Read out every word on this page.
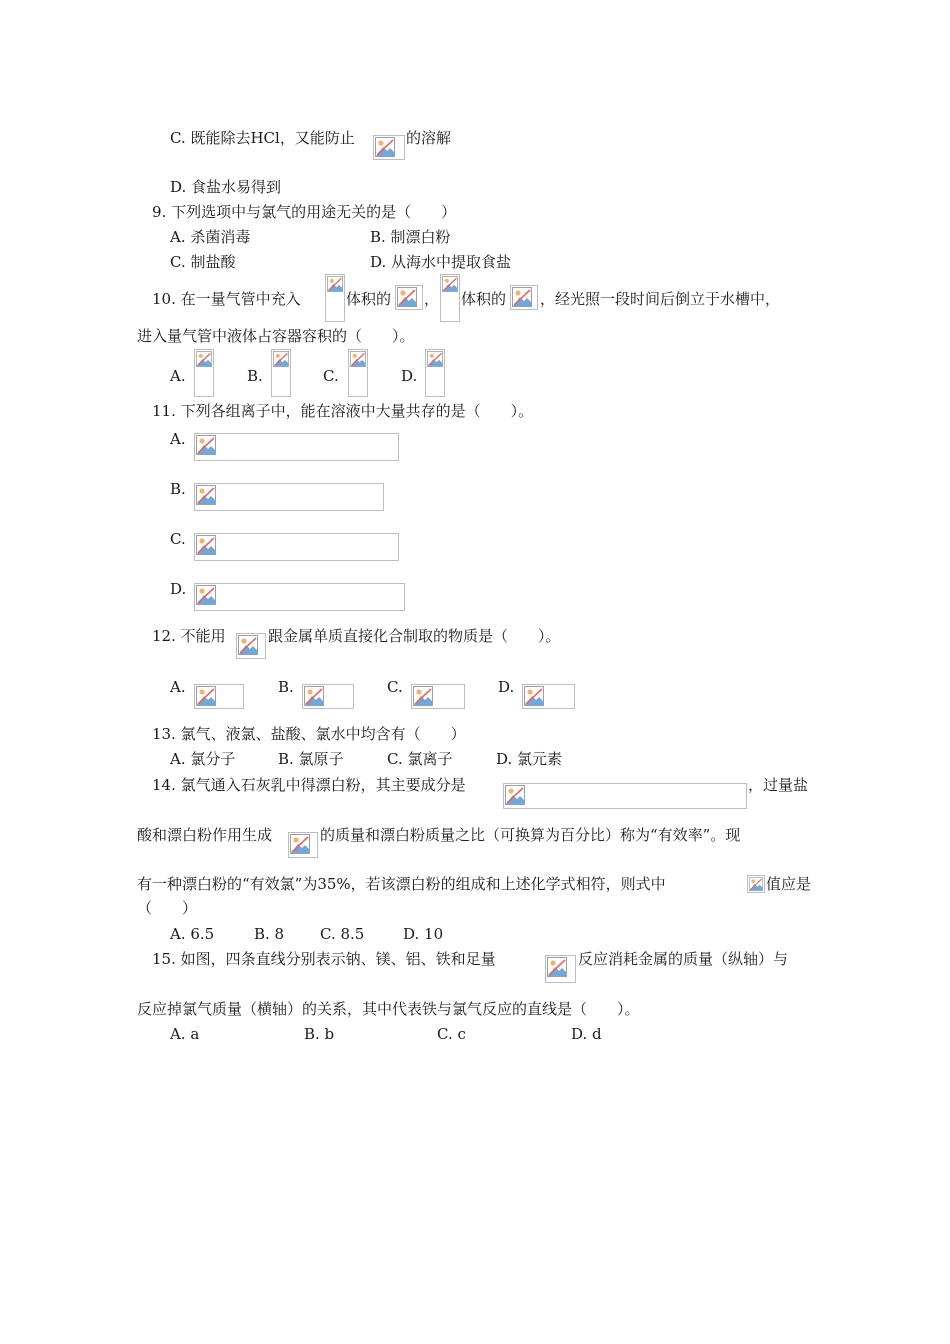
C. 既能除去HCl，又能防止	的溶解
D. 食盐水易得到
9. 下列选项中与氯气的用途无关的是（　　）
A. 杀菌消毒	B. 制漂白粉
C. 制盐酸	D. 从海水中提取食盐
10. 在一量气管中充入	体积的 ， 体积的 ，经光照一段时间后倒立于水槽中，
进入量气管中液体占容器容积的（　　）。
A.	B.	C.	D.
11. 下列各组离子中，能在溶液中大量共存的是（　　）。
A.
B.
C.
D.
12. 不能用	跟金属单质直接化合制取的物质是（　　）。
A.	B.	C.	D.
13. 氯气、液氯、盐酸、氯水中均含有（　　）
A. 氯分子	B. 氯原子	C. 氯离子	D. 氯元素
14. 氯气通入石灰乳中得漂白粉，其主要成分是	，过量盐
酸和漂白粉作用生成	的质量和漂白粉质量之比（可换算为百分比）称为“有效率”。现
有一种漂白粉的“有效氯”为35%，若该漂白粉的组成和上述化学式相符，则式中	值应是
（　　）
A. 6.5	B. 8 C. 8.5	D. 10
15. 如图，四条直线分别表示钠、镁、铝、铁和足量	反应消耗金属的质量（纵轴）与
反应掉氯气质量（横轴）的关系，其中代表铁与氯气反应的直线是（　　）。
A. a	B. b	C. c	D. d
